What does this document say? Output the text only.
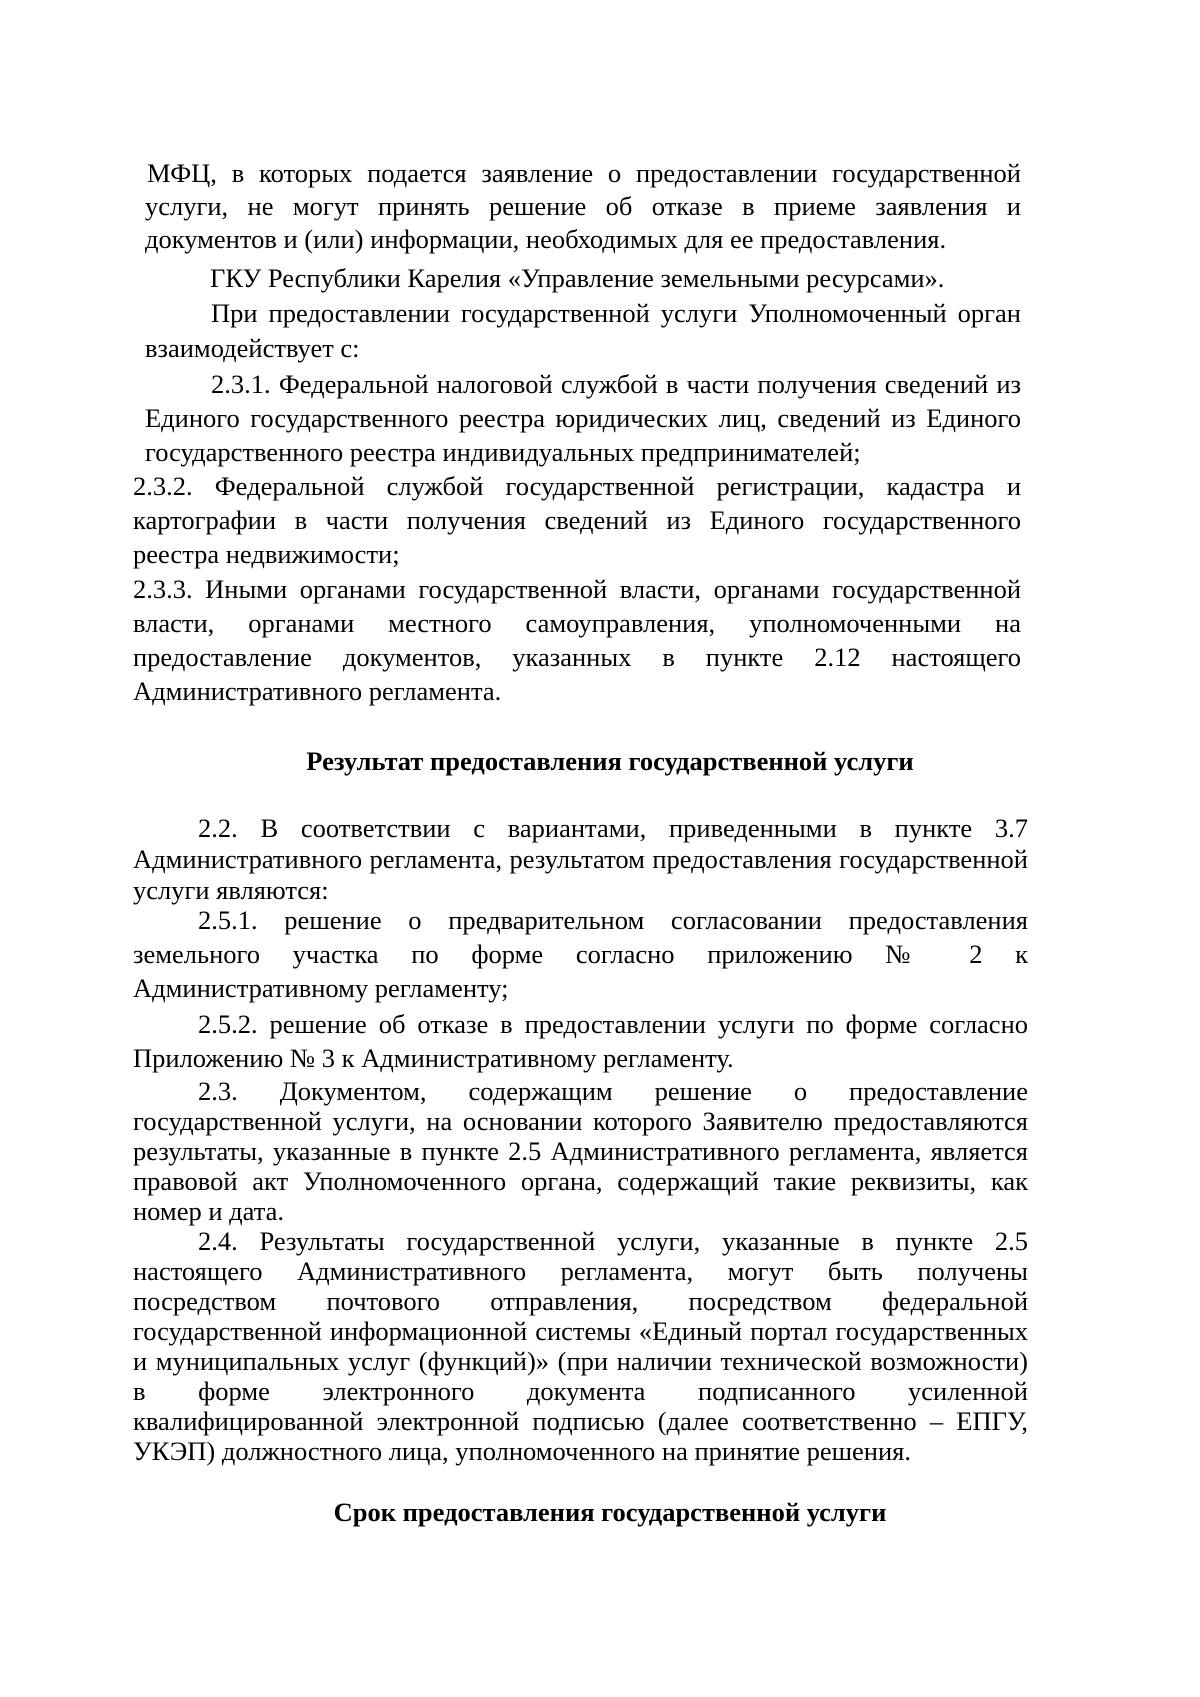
МФЦ, в которых подается заявление о предоставлении государственной услуги, не могут принять решение об отказе в приеме заявления и документов и (или) информации, необходимых для ее предоставления.

ГКУ Республики Карелия «Управление земельными ресурсами».

При предоставлении государственной услуги Уполномоченный орган взаимодействует с:

2.3.1. Федеральной налоговой службой в части получения сведений из Единого государственного реестра юридических лиц, сведений из Единого государственного реестра индивидуальных предпринимателей;

2.3.2. Федеральной службой государственной регистрации, кадастра и картографии в части получения сведений из Единого государственного реестра недвижимости;

2.3.3. Иными органами государственной власти, органами государственной власти, органами местного самоуправления, уполномоченными на предоставление документов, указанных в пункте 2.12 настоящего Административного регламента.

Результат предоставления государственной услуги

2.2. В соответствии с вариантами, приведенными в пункте 3.7 Административного регламента, результатом предоставления государственной услуги являются:

2.5.1. решение о предварительном согласовании предоставления земельного участка по форме согласно приложению № 2 к Административному регламенту;

2.5.2. решение об отказе в предоставлении услуги по форме согласно Приложению № 3 к Административному регламенту.

2.3. Документом, содержащим решение о предоставление государственной услуги, на основании которого Заявителю предоставляются результаты, указанные в пункте 2.5 Административного регламента, является правовой акт Уполномоченного органа, содержащий такие реквизиты, как номер и дата.

2.4. Результаты государственной услуги, указанные в пункте 2.5 настоящего Административного регламента, могут быть получены посредством почтового отправления, посредством федеральной государственной информационной системы «Единый портал государственных и муниципальных услуг (функций)» (при наличии технической возможности) в форме электронного документа подписанного усиленной квалифицированной электронной подписью (далее соответственно – ЕПГУ, УКЭП) должностного лица, уполномоченного на принятие решения.

Срок предоставления государственной услуги
